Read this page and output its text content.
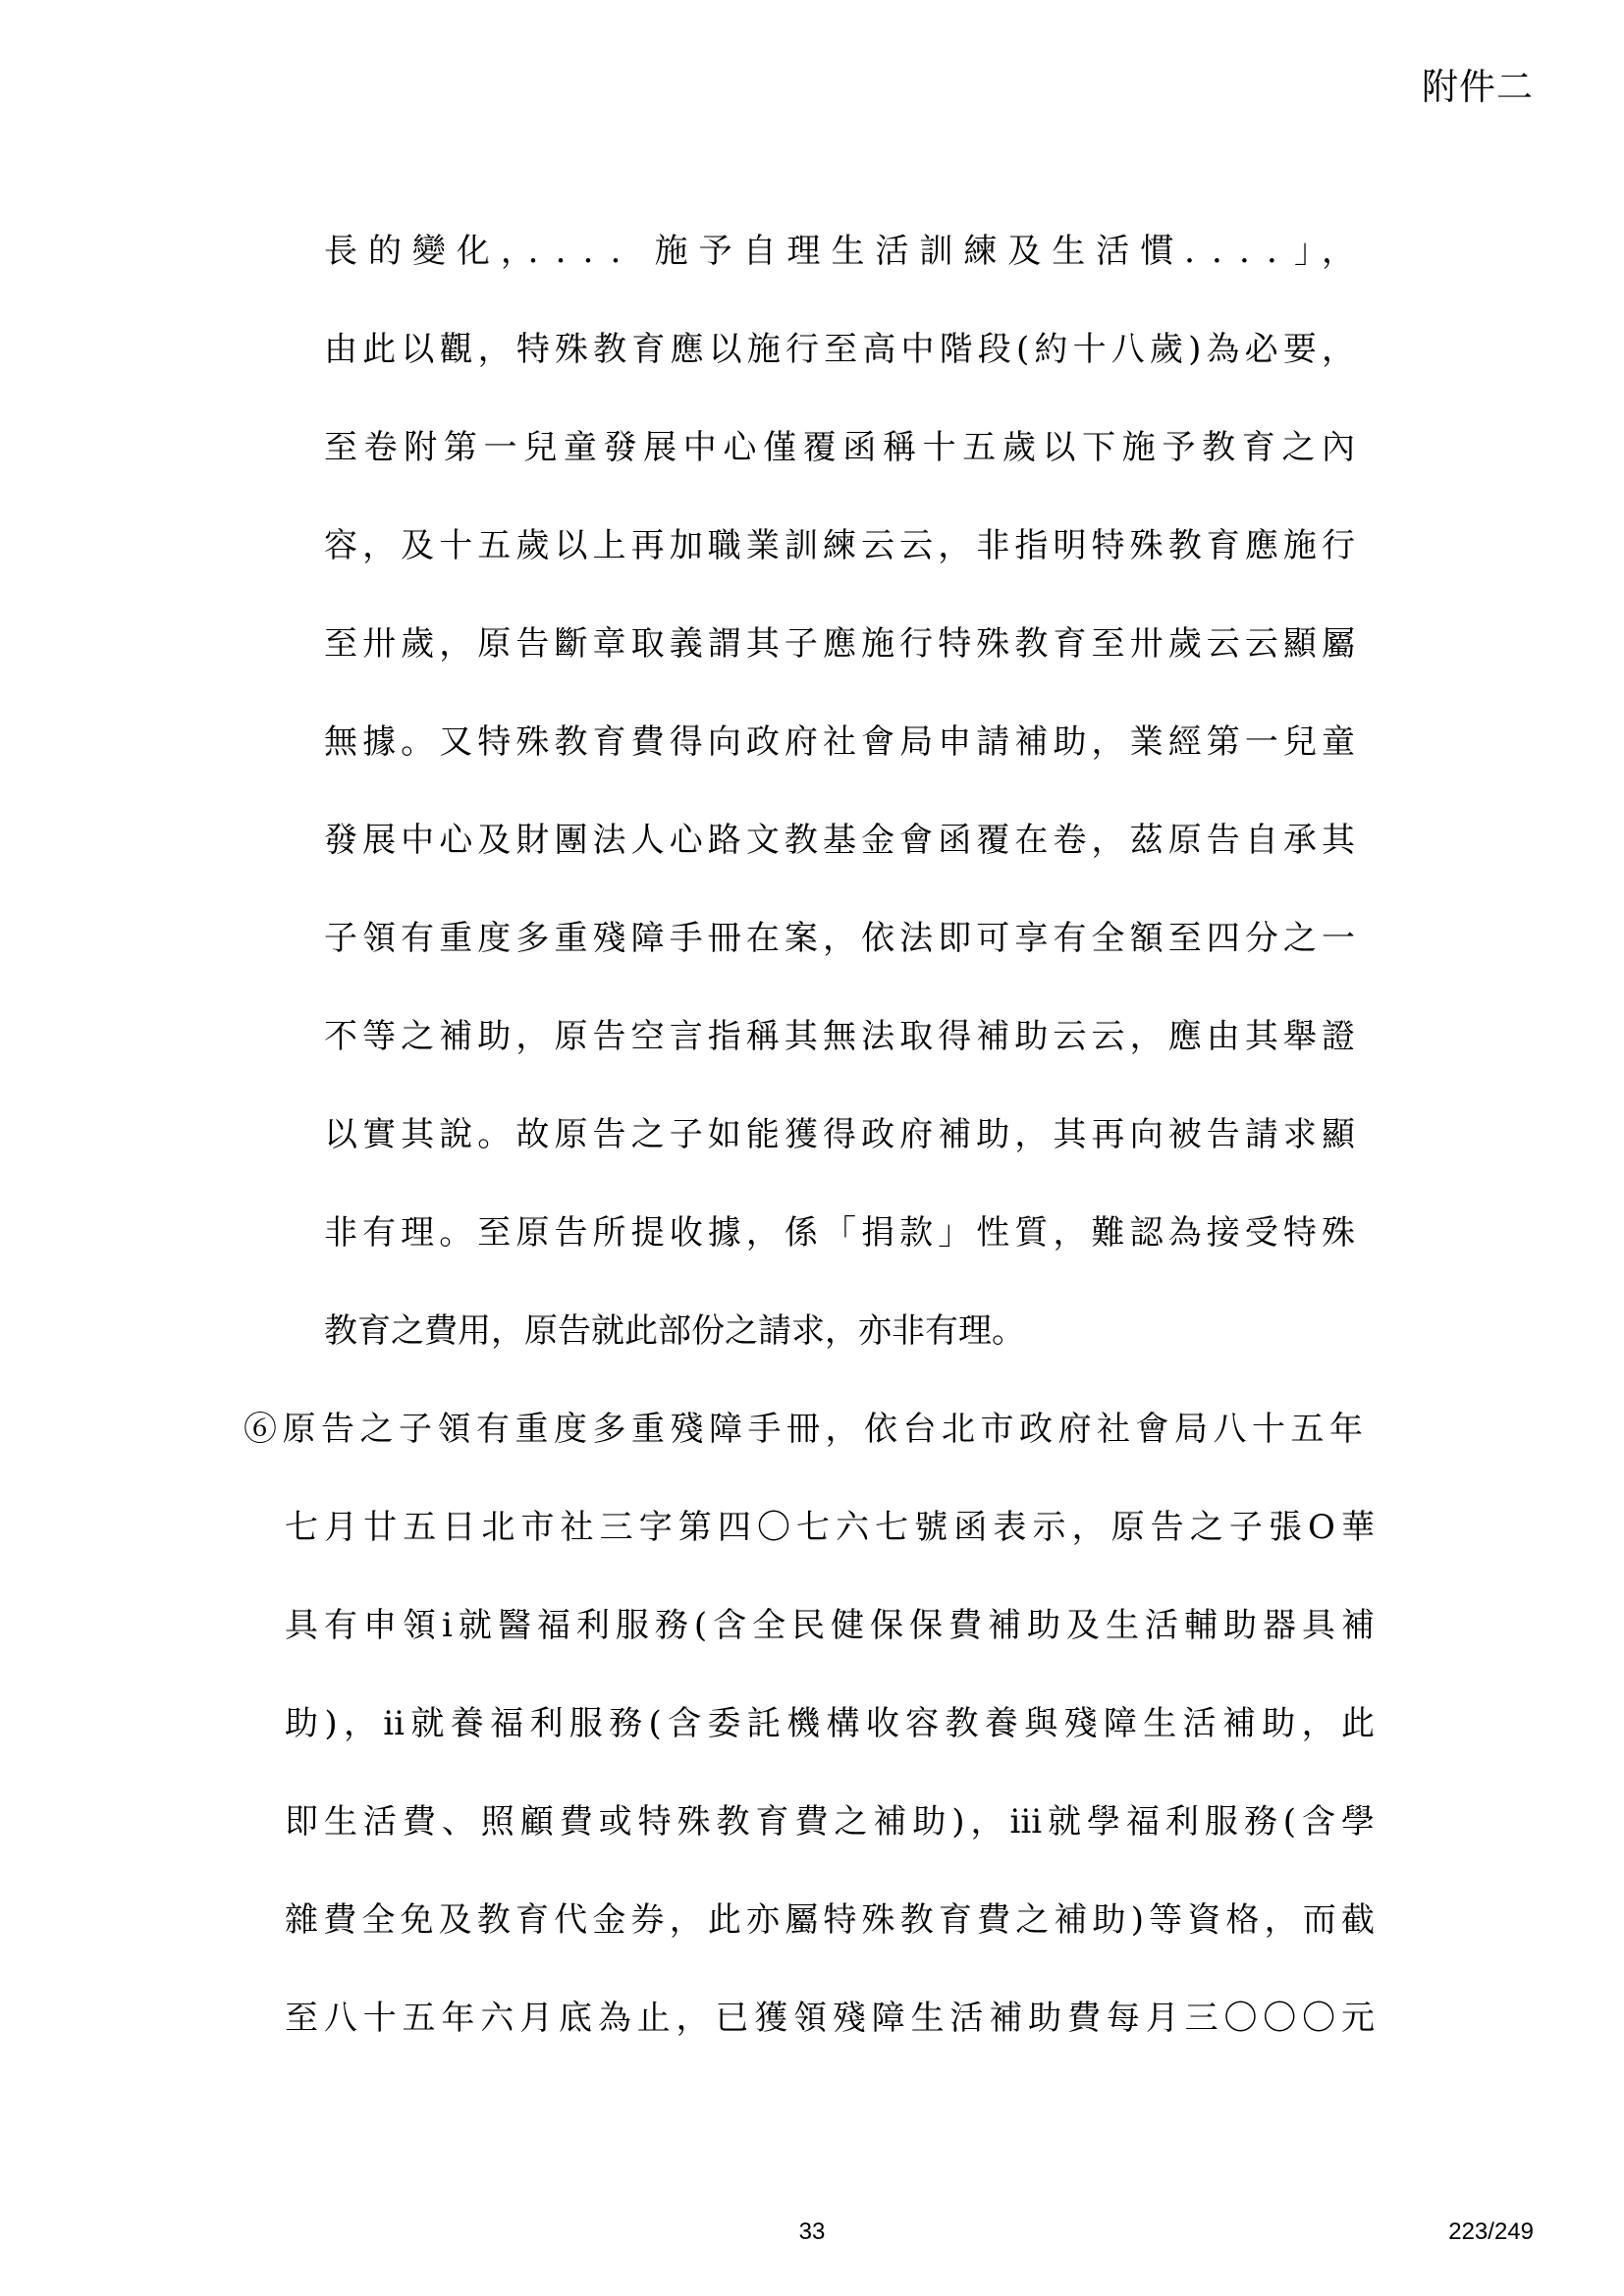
附件二
長的變化，．．．．施予自理生活訓練及生活慣．．．．」，
由此以觀，特殊教育應以施行至高中階段(約十八歲)為必要，
至卷附第一兒童發展中心僅覆函稱十五歲以下施予教育之內
容，及十五歲以上再加職業訓練云云，非指明特殊教育應施行
至卅歲，原告斷章取義謂其子應施行特殊教育至卅歲云云顯屬
無據。又特殊教育費得向政府社會局申請補助，業經第一兒童
發展中心及財團法人心路文教基金會函覆在卷，茲原告自承其
子領有重度多重殘障手冊在案，依法即可享有全額至四分之一
不等之補助，原告空言指稱其無法取得補助云云，應由其舉證
以實其說。故原告之子如能獲得政府補助，其再向被告請求顯
非有理。至原告所提收據，係「捐款」性質，難認為接受特殊
教育之費用，原告就此部份之請求，亦非有理。
⑥原告之子領有重度多重殘障手冊，依台北市政府社會局八十五年
七月廿五日北市社三字第四〇七六七號函表示，原告之子張O華
具有申領ⅰ就醫福利服務(含全民健保保費補助及生活輔助器具補
助)，ⅱ就養福利服務(含委託機構收容教養與殘障生活補助，此
即生活費、照顧費或特殊教育費之補助)，ⅲ就學福利服務(含學
雜費全免及教育代金券，此亦屬特殊教育費之補助)等資格，而截
至八十五年六月底為止，已獲領殘障生活補助費每月三〇〇〇元
33	223/249
